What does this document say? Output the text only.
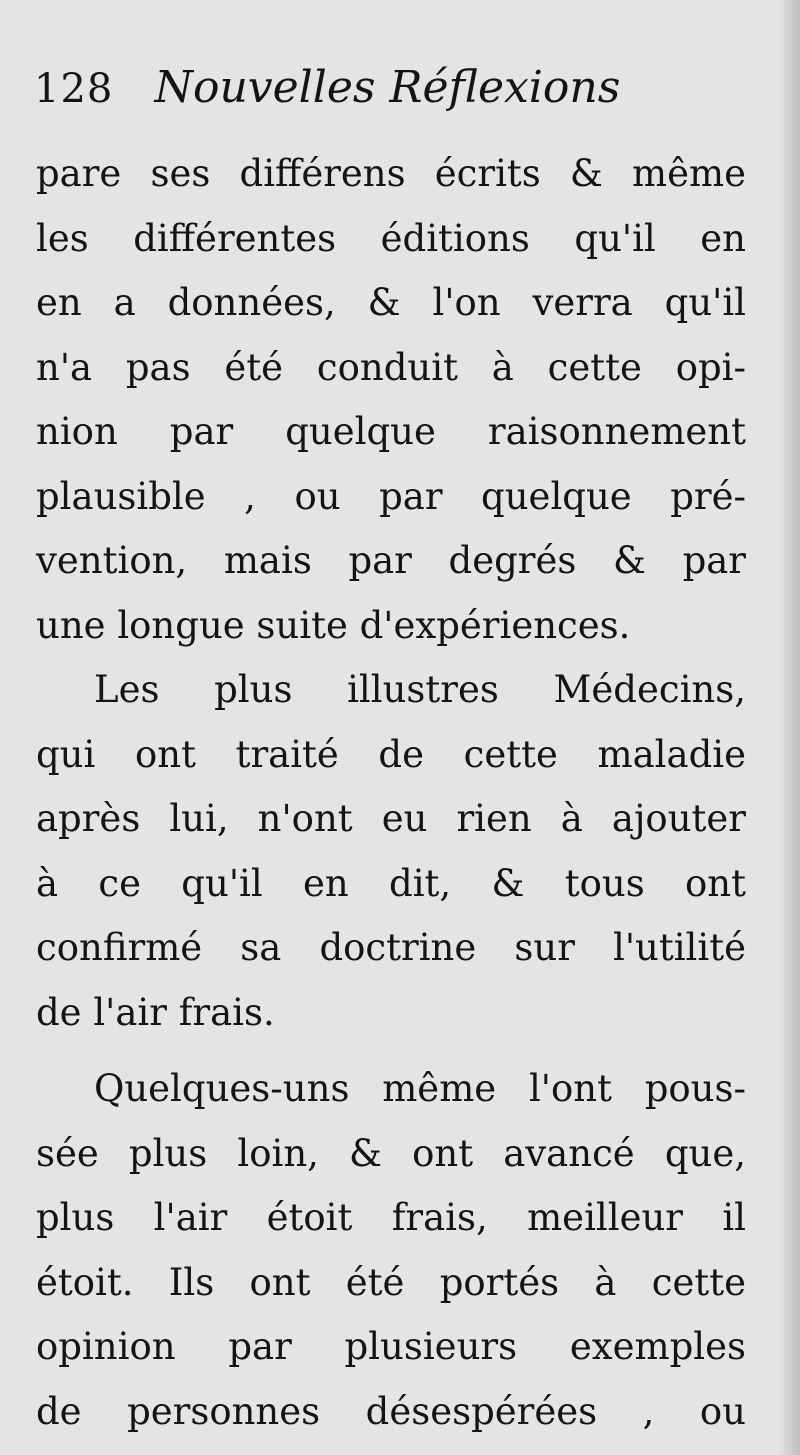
128 Nouvelles Réflexions
pare ses différens écrits & même
les différentes éditions qu'il en
en a données, & l'on verra qu'il
n'a pas été conduit à cette opi-
nion par quelque raisonnement
plausible , ou par quelque pré-
vention, mais par degrés & par
une longue suite d'expériences.
Les plus illustres Médecins,
qui ont traité de cette maladie
après lui, n'ont eu rien à ajouter
à ce qu'il en dit, & tous ont
confirmé sa doctrine sur l'utilité
de l'air frais.
Quelques-uns même l'ont pous-
sée plus loin, & ont avancé que,
plus l'air étoit frais, meilleur il
étoit. Ils ont été portés à cette
opinion par plusieurs exemples
de personnes désespérées , ou
